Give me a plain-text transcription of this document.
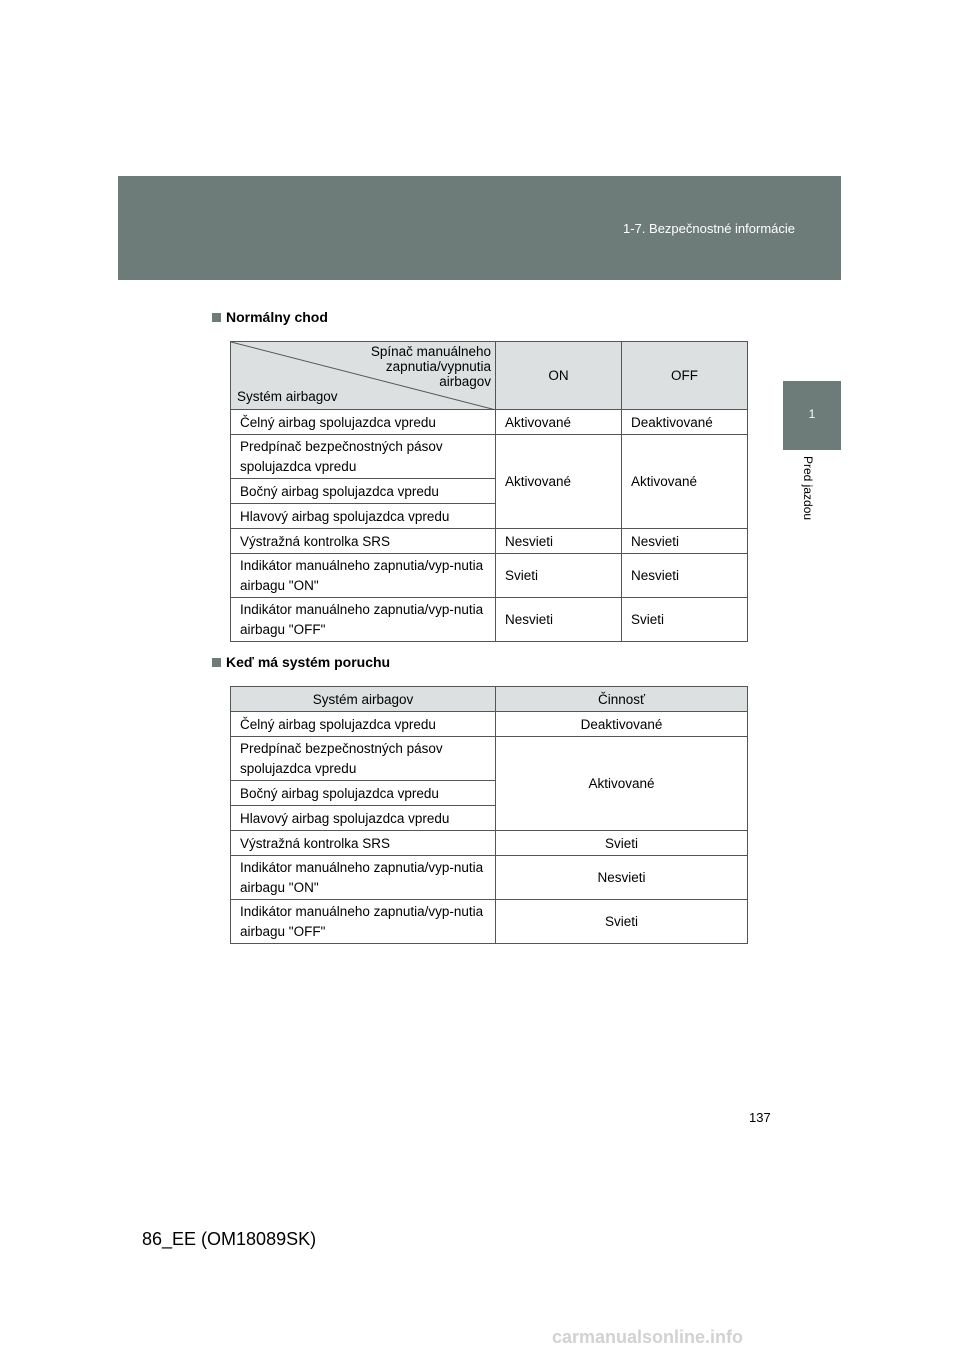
1-7. Bezpečnostné informácie
1
Pred jazdou
Normálny chod
Spínač manuálneho
zapnutia/vypnutia
airbagov
Systém airbagov	ON	OFF
Čelný airbag spolujazdca vpredu	Aktivované	Deaktivované
Predpínač bezpečnostných pásov spolujazdca vpredu	Aktivované	Aktivované
Bočný airbag spolujazdca vpredu		
Hlavový airbag spolujazdca vpredu		
Výstražná kontrolka SRS	Nesvieti	Nesvieti
Indikátor manuálneho zapnutia/vyp-nutia airbagu "ON"	Svieti	Nesvieti
Indikátor manuálneho zapnutia/vyp-nutia airbagu "OFF"	Nesvieti	Svieti
Keď má systém poruchu
Systém airbagov	Činnosť
Čelný airbag spolujazdca vpredu	Deaktivované
Predpínač bezpečnostných pásov spolujazdca vpredu	Aktivované
Bočný airbag spolujazdca vpredu	
Hlavový airbag spolujazdca vpredu	
Výstražná kontrolka SRS	Svieti
Indikátor manuálneho zapnutia/vyp-nutia airbagu "ON"	Nesvieti
Indikátor manuálneho zapnutia/vyp-nutia airbagu "OFF"	Svieti
137
86_EE (OM18089SK)
carmanualsonline.info
